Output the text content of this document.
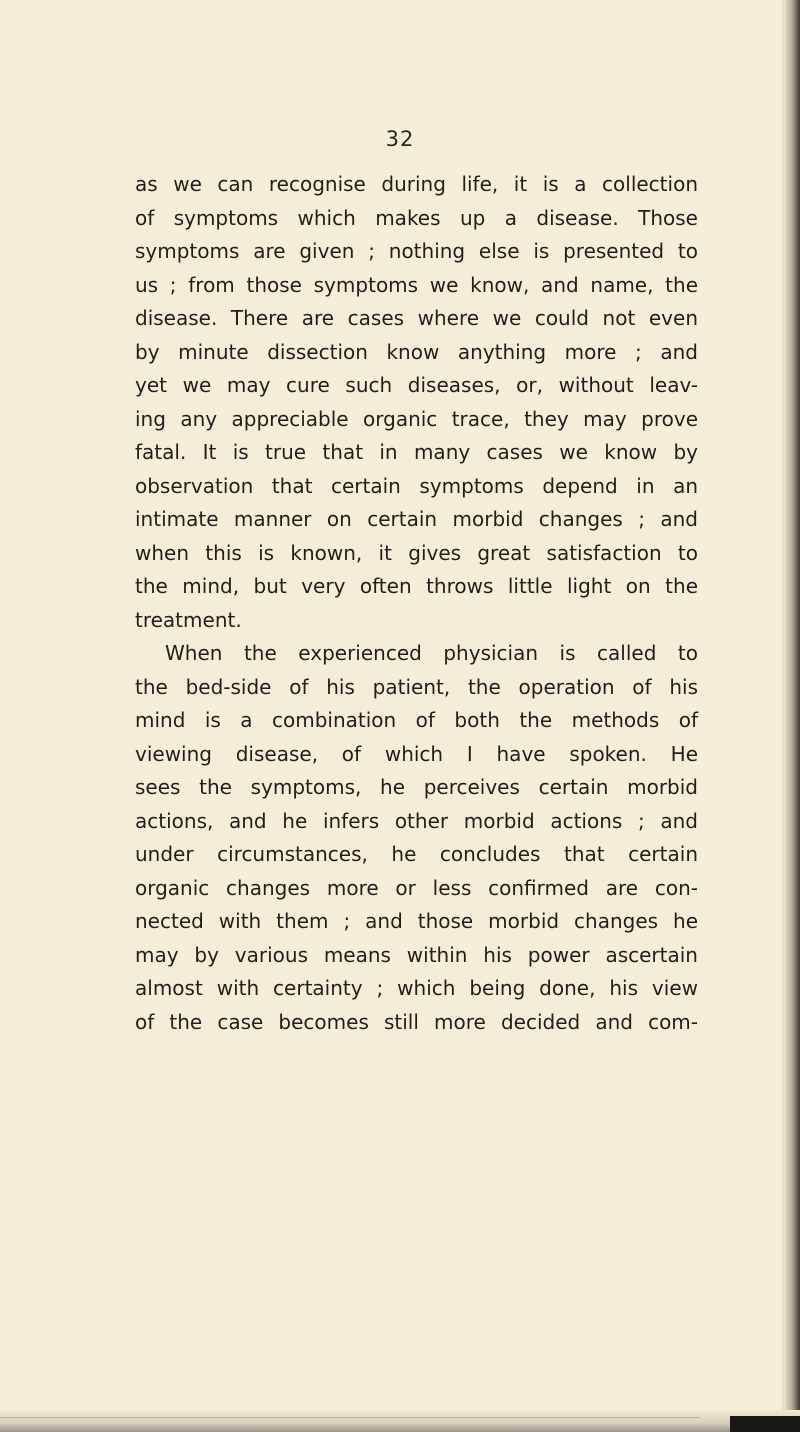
32
as we can recognise during life, it is a collection
of symptoms which makes up a disease. Those
symptoms are given ; nothing else is presented to
us ; from those symptoms we know, and name, the
disease. There are cases where we could not even
by minute dissection know anything more ; and
yet we may cure such diseases, or, without leav-
ing any appreciable organic trace, they may prove
fatal. It is true that in many cases we know by
observation that certain symptoms depend in an
intimate manner on certain morbid changes ; and
when this is known, it gives great satisfaction to
the mind, but very often throws little light on the
treatment.
When the experienced physician is called to
the bed-side of his patient, the operation of his
mind is a combination of both the methods of
viewing disease, of which I have spoken. He
sees the symptoms, he perceives certain morbid
actions, and he infers other morbid actions ; and
under circumstances, he concludes that certain
organic changes more or less confirmed are con-
nected with them ; and those morbid changes he
may by various means within his power ascertain
almost with certainty ; which being done, his view
of the case becomes still more decided and com-
